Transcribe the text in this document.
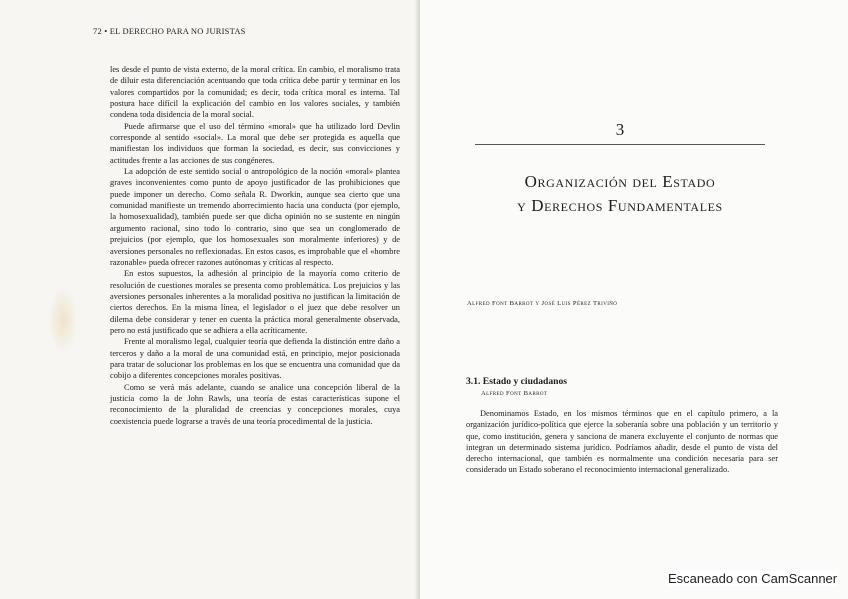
72 • EL DERECHO PARA NO JURISTAS

les desde el punto de vista externo, de la moral crítica. En cambio, el moralismo trata de diluir esta diferenciación acentuando que toda crítica debe partir y terminar en los valores compartidos por la comunidad; es decir, toda crítica moral es interna. Tal postura hace difícil la explicación del cambio en los valores sociales, y también condena toda disidencia de la moral social.

Puede afirmarse que el uso del término «moral» que ha utilizado lord Devlin corresponde al sentido «social». La moral que debe ser protegida es aquella que manifiestan los individuos que forman la sociedad, es decir, sus convicciones y actitudes frente a las acciones de sus congéneres.

La adopción de este sentido social o antropológico de la noción «moral» plantea graves inconvenientes como punto de apoyo justificador de las prohibiciones que puede imponer un derecho. Como señala R. Dworkin, aunque sea cierto que una comunidad manifieste un tremendo aborrecimiento hacia una conducta (por ejemplo, la homosexualidad), también puede ser que dicha opinión no se sustente en ningún argumento racional, sino todo lo contrario, sino que sea un conglomerado de prejuicios (por ejemplo, que los homosexuales son moralmente inferiores) y de aversiones personales no reflexionadas. En estos casos, es improbable que el «hombre razonable» pueda ofrecer razones autónomas y críticas al respecto.

En estos supuestos, la adhesión al principio de la mayoría como criterio de resolución de cuestiones morales se presenta como problemática. Los prejuicios y las aversiones personales inherentes a la moralidad positiva no justifican la limitación de ciertos derechos. En la misma línea, el legislador o el juez que debe resolver un dilema debe considerar y tener en cuenta la práctica moral generalmente observada, pero no está justificado que se adhiera a ella acríticamente.

Frente al moralismo legal, cualquier teoría que defienda la distinción entre daño a terceros y daño a la moral de una comunidad está, en principio, mejor posicionada para tratar de solucionar los problemas en los que se encuentra una comunidad que da cobijo a diferentes concepciones morales positivas.

Como se verá más adelante, cuando se analice una concepción liberal de la justicia como la de John Rawls, una teoría de estas características supone el reconocimiento de la pluralidad de creencias y concepciones morales, cuya coexistencia puede lograrse a través de una teoría procedimental de la justicia.

3
Organización del Estado
y Derechos Fundamentales
Alfred Font Barrot y José Luis Pérez Triviño
3.1. Estado y ciudadanos
Alfred Font Barrot

Denominamos Estado, en los mismos términos que en el capítulo primero, a la organización jurídico-política que ejerce la soberanía sobre una población y un territorio y que, como institución, genera y sanciona de manera excluyente el conjunto de normas que integran un determinado sistema jurídico. Podríamos añadir, desde el punto de vista del derecho internacional, que también es normalmente una condición necesaria para ser considerado un Estado soberano el reconocimiento internacional generalizado.

Escaneado con CamScanner
